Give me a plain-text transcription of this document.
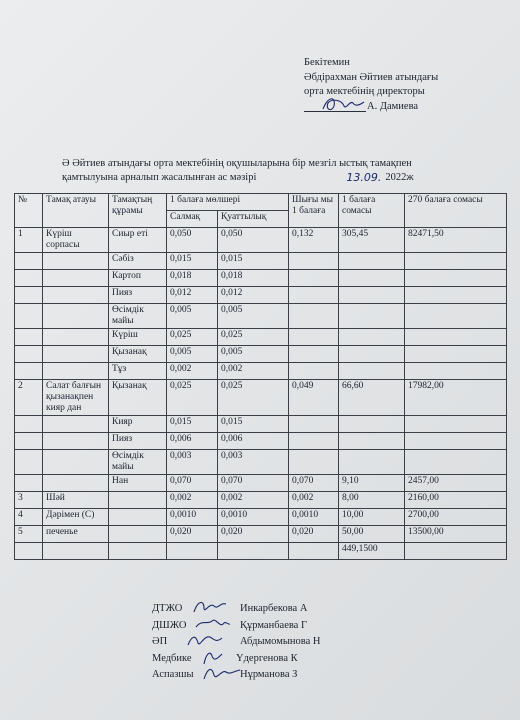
Бекітемин
Әбдірахман Әйтиев атындағы
орта мектебінің директоры
А. Дамиева
Ә Әйтиев атындағы орта мектебінің оқушыларына бір мезгіл ыстық тамақпен
қамтылуына арналып жасалынған ас мәзірі	13.09. 2022ж
№	Тамақ атауы	Тамақтың құрамы	1 балаға мөлшері		Шығы мы 1 балаға	1 балаға сомасы	270 балаға сомасы
			Салмақ	Қуаттылық			
1	Күріш сорпасы	Сиыр еті	0,050	0,050	0,132	305,45	82471,50
		Сәбіз	0,015	0,015			
		Картоп	0,018	0,018			
		Пияз	0,012	0,012			
		Өсімдік майы	0,005	0,005			
		Күріш	0,025	0,025			
		Қызанақ	0,005	0,005			
		Тұз	0,002	0,002			
2	Салат балғын қызанақпен кияр дан	Қызанақ	0,025	0,025	0,049	66,60	17982,00
		Кияр	0,015	0,015			
		Пияз	0,006	0,006			
		Өсімдік майы	0,003	0,003			
		Нан	0,070	0,070	0,070	9,10	2457,00
3	Шәй		0,002	0,002	0,002	8,00	2160,00
4	Дәрімен (С)		0,0010	0,0010	0,0010	10,00	2700,00
5	печенье		0,020	0,020	0,020	50,00	13500,00
						449,1500	
ДТЖО	Инкарбекова А
ДШЖО	Құрманбаева Г
ӘП	Абдымомынова Н
Медбике	Үдергенова К
Аспазшы	Нұрманова З
